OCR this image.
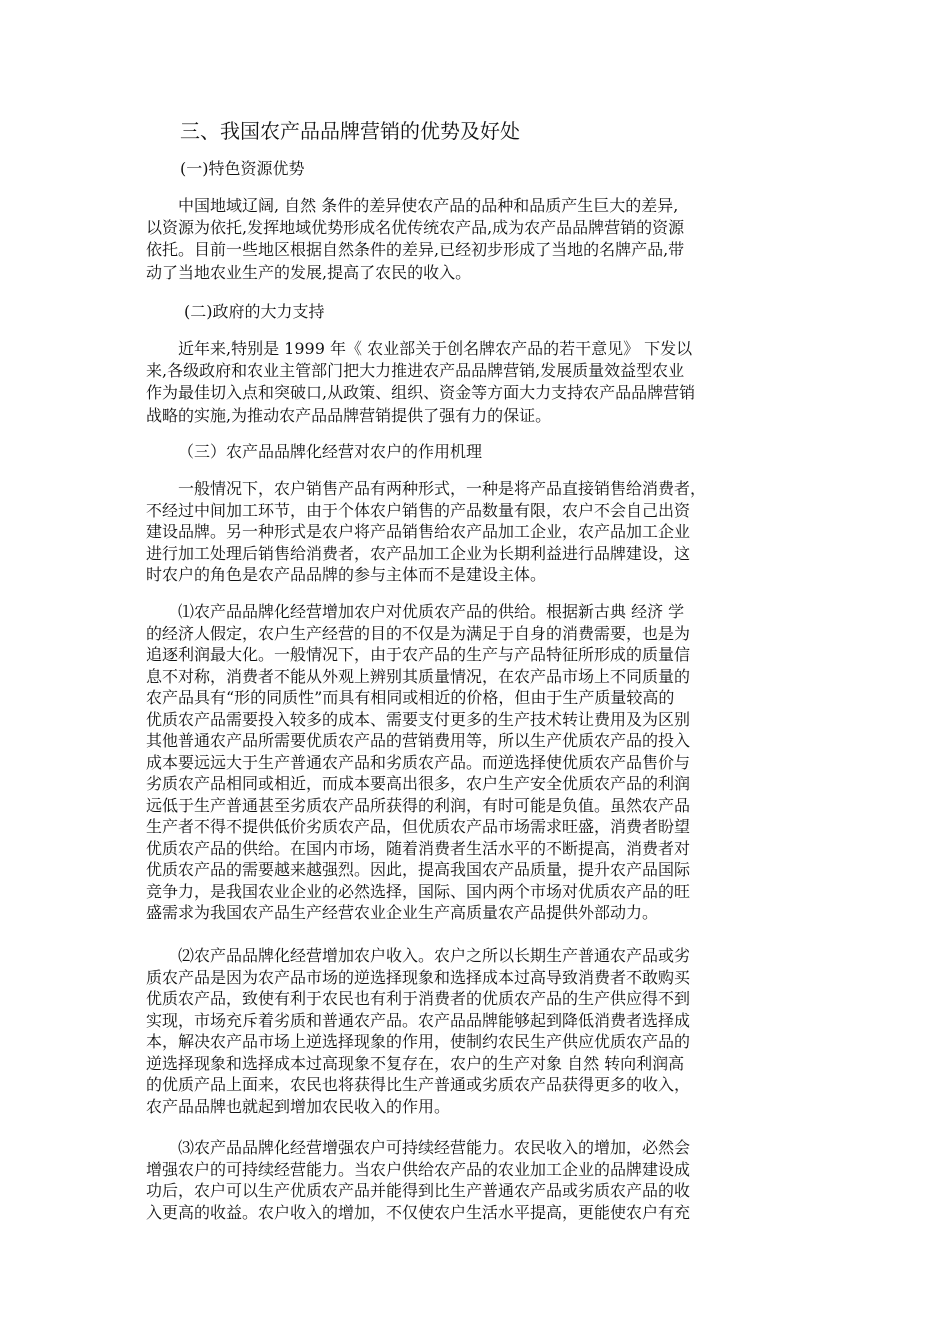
三、我国农产品品牌营销的优势及好处

(一)特色资源优势

　　中国地域辽阔, 自然 条件的差异使农产品的品种和品质产生巨大的差异,
以资源为依托,发挥地域优势形成名优传统农产品,成为农产品品牌营销的资源
依托。目前一些地区根据自然条件的差异,已经初步形成了当地的名牌产品,带
动了当地农业生产的发展,提高了农民的收入。

(二)政府的大力支持

　　近年来,特别是 1999 年《 农业部关于创名牌农产品的若干意见》 下发以
来,各级政府和农业主管部门把大力推进农产品品牌营销,发展质量效益型农业
作为最佳切入点和突破口,从政策、组织、资金等方面大力支持农产品品牌营销
战略的实施,为推动农产品品牌营销提供了强有力的保证。

（三）农产品品牌化经营对农户的作用机理

　　一般情况下，农户销售产品有两种形式，一种是将产品直接销售给消费者，
不经过中间加工环节，由于个体农户销售的产品数量有限，农户不会自己出资
建设品牌。另一种形式是农户将产品销售给农产品加工企业，农产品加工企业
进行加工处理后销售给消费者，农产品加工企业为长期利益进行品牌建设，这
时农户的角色是农产品品牌的参与主体而不是建设主体。
　　⑴农产品品牌化经营增加农户对优质农产品的供给。根据新古典 经济 学
的经济人假定，农户生产经营的目的不仅是为满足于自身的消费需要，也是为
追逐利润最大化。一般情况下，由于农产品的生产与产品特征所形成的质量信
息不对称，消费者不能从外观上辨别其质量情况，在农产品市场上不同质量的
农产品具有“形的同质性”而具有相同或相近的价格，但由于生产质量较高的
优质农产品需要投入较多的成本、需要支付更多的生产技术转让费用及为区别
其他普通农产品所需要优质农产品的营销费用等，所以生产优质农产品的投入
成本要远远大于生产普通农产品和劣质农产品。而逆选择使优质农产品售价与
劣质农产品相同或相近，而成本要高出很多，农户生产安全优质农产品的利润
远低于生产普通甚至劣质农产品所获得的利润，有时可能是负值。虽然农产品
生产者不得不提供低价劣质农产品，但优质农产品市场需求旺盛，消费者盼望
优质农产品的供给。在国内市场，随着消费者生活水平的不断提高，消费者对
优质农产品的需要越来越强烈。因此，提高我国农产品质量，提升农产品国际
竞争力，是我国农业企业的必然选择，国际、国内两个市场对优质农产品的旺
盛需求为我国农产品生产经营农业企业生产高质量农产品提供外部动力。
　　⑵农产品品牌化经营增加农户收入。农户之所以长期生产普通农产品或劣
质农产品是因为农产品市场的逆选择现象和选择成本过高导致消费者不敢购买
优质农产品，致使有利于农民也有利于消费者的优质农产品的生产供应得不到
实现，市场充斥着劣质和普通农产品。农产品品牌能够起到降低消费者选择成
本，解决农产品市场上逆选择现象的作用，使制约农民生产供应优质农产品的
逆选择现象和选择成本过高现象不复存在，农户的生产对象 自然 转向利润高
的优质产品上面来，农民也将获得比生产普通或劣质农产品获得更多的收入，
农产品品牌也就起到增加农民收入的作用。
　　⑶农产品品牌化经营增强农户可持续经营能力。农民收入的增加，必然会
增强农户的可持续经营能力。当农户供给农产品的农业加工企业的品牌建设成
功后，农户可以生产优质农产品并能得到比生产普通农产品或劣质农产品的收
入更高的收益。农户收入的增加，不仅使农户生活水平提高，更能使农户有充
